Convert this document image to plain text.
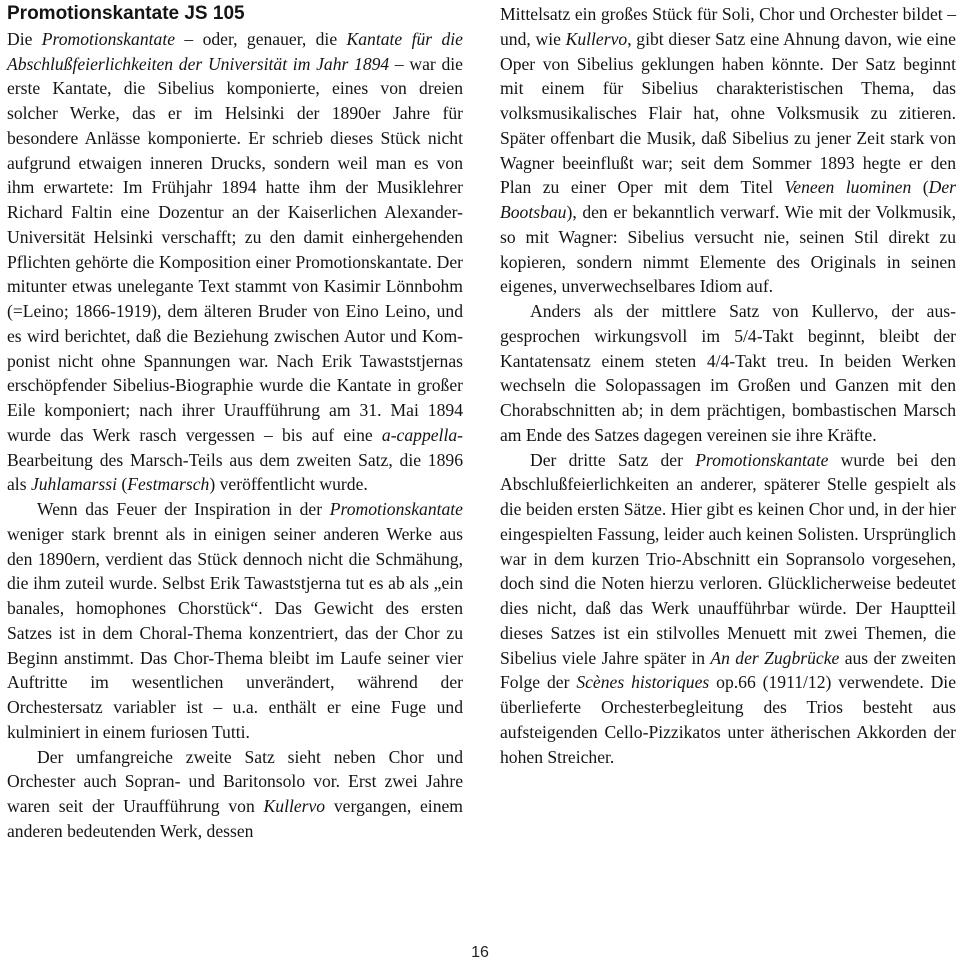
Promotionskantate JS 105

Die Promotionskantate – oder, genauer, die Kantate für die Abschlußfeierlichkeiten der Universität im Jahr 1894 – war die erste Kantate, die Sibelius komponierte, eines von dreien solcher Werke, das er im Helsinki der 1890er Jahre für besondere Anlässe komponierte. Er schrieb dieses Stück nicht aufgrund etwaigen inneren Drucks, sondern weil man es von ihm erwartete: Im Frühjahr 1894 hatte ihm der Musiklehrer Richard Faltin eine Dozentur an der Kaiserlichen Alexander-Universität Helsinki verschafft; zu den damit einhergehenden Pflichten gehörte die Komposition einer Promotionskantate. Der mitunter etwas unelegante Text stammt von Kasimir Lönnbohm (=Leino; 1866-1919), dem älteren Bruder von Eino Leino, und es wird berichtet, daß die Beziehung zwischen Autor und Komponist nicht ohne Spannungen war. Nach Erik Tawaststjernas erschöpfender Sibelius-Biographie wurde die Kantate in großer Eile komponiert; nach ihrer Uraufführung am 31. Mai 1894 wurde das Werk rasch vergessen – bis auf eine a-cappella-Bearbeitung des Marsch-Teils aus dem zweiten Satz, die 1896 als Juhlamarssi (Festmarsch) veröffentlicht wurde.

Wenn das Feuer der Inspiration in der Promotionskantate weniger stark brennt als in einigen seiner anderen Werke aus den 1890ern, verdient das Stück dennoch nicht die Schmähung, die ihm zuteil wurde. Selbst Erik Tawaststjerna tut es ab als „ein banales, homophones Chorstück“. Das Gewicht des ersten Satzes ist in dem Choral-Thema konzentriert, das der Chor zu Beginn anstimmt. Das Chor-Thema bleibt im Laufe seiner vier Auftritte im wesentlichen unverändert, während der Orchestersatz variabler ist – u.a. enthält er eine Fuge und kulminiert in einem furiosen Tutti.

Der umfangreiche zweite Satz sieht neben Chor und Orchester auch Sopran- und Baritonsolo vor. Erst zwei Jahre waren seit der Uraufführung von Kullervo vergangen, einem anderen bedeutenden Werk, dessen

Mittelsatz ein großes Stück für Soli, Chor und Orchester bildet – und, wie Kullervo, gibt dieser Satz eine Ahnung davon, wie eine Oper von Sibelius geklungen haben könnte. Der Satz beginnt mit einem für Sibelius charakteristischen Thema, das volksmusikalisches Flair hat, ohne Volksmusik zu zitieren. Später offenbart die Musik, daß Sibelius zu jener Zeit stark von Wagner beeinflußt war; seit dem Sommer 1893 hegte er den Plan zu einer Oper mit dem Titel Veneen luominen (Der Bootsbau), den er bekanntlich verwarf. Wie mit der Volkmusik, so mit Wagner: Sibelius versucht nie, seinen Stil direkt zu kopieren, sondern nimmt Elemente des Originals in seinen eigenes, unverwechselbares Idiom auf.

Anders als der mittlere Satz von Kullervo, der ausgesprochen wirkungsvoll im 5/4-Takt beginnt, bleibt der Kantatensatz einem steten 4/4-Takt treu. In beiden Werken wechseln die Solopassagen im Großen und Ganzen mit den Chorabschnitten ab; in dem prächtigen, bombastischen Marsch am Ende des Satzes dagegen vereinen sie ihre Kräfte.

Der dritte Satz der Promotionskantate wurde bei den Abschlußfeierlichkeiten an anderer, späterer Stelle gespielt als die beiden ersten Sätze. Hier gibt es keinen Chor und, in der hier eingespielten Fassung, leider auch keinen Solisten. Ursprünglich war in dem kurzen Trio-Abschnitt ein Sopransolo vorgesehen, doch sind die Noten hierzu verloren. Glücklicherweise bedeutet dies nicht, daß das Werk unaufführbar würde. Der Hauptteil dieses Satzes ist ein stilvolles Menuett mit zwei Themen, die Sibelius viele Jahre später in An der Zugbrücke aus der zweiten Folge der Scènes historiques op.66 (1911/12) verwendete. Die überlieferte Orchesterbegleitung des Trios besteht aus aufsteigenden Cello-Pizzikatos unter ätherischen Akkorden der hohen Streicher.

16
